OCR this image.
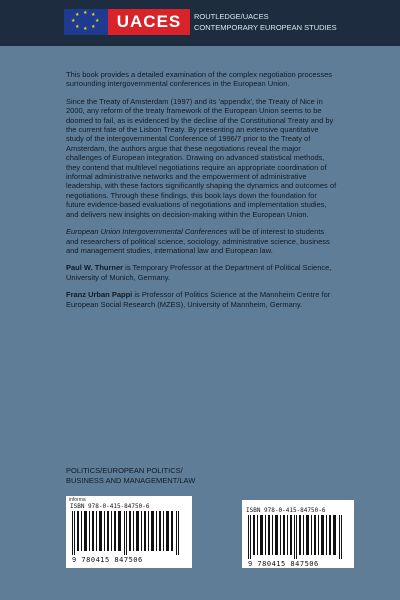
★ ★
★
★
★
★
★
★	UACES	ROUTLEDGE/UACES
CONTEMPORARY EUROPEAN STUDIES

This book provides a detailed examination of the complex negotiation processes surrounding intergovernmental conferences in the European Union.

Since the Treaty of Amsterdam (1997) and its 'appendix', the Treaty of Nice in 2000, any reform of the treaty framework of the European Union seems to be doomed to fail, as is evidenced by the decline of the Constitutional Treaty and by the current fate of the Lisbon Treaty. By presenting an extensive quantitative study of the intergovernmental Conference of 1996/7 prior to the Treaty of Amsterdam, the authors argue that these negotiations reveal the major challenges of European integration. Drawing on advanced statistical methods, they contend that multilevel negotiations require an appropriate coordination of informal administrative networks and the empowerment of administrative leadership, with these factors significantly shaping the dynamics and outcomes of negotiations. Through these findings, this book lays down the foundation for future evidence-based evaluations of negotiations and implementation studies, and delivers new insights on decision-making within the European Union.

European Union Intergovernmental Conferences will be of interest to students and researchers of political science, sociology, administrative science, business and management studies, international law and European law.

Paul W. Thurner is Temporary Professor at the Department of Political Science, University of Munich, Germany.

Franz Urban Pappi is Professor of Politics Science at the Mannheim Centre for European Social Research (MZES), University of Mannheim, Germany.

POLITICS/EUROPEAN POLITICS/
BUSINESS AND MANAGEMENT/LAW
informa
ISBN 978-0-415-84750-6
9 780415 847506
ISBN 978-0-415-84750-6
9 780415 847506
